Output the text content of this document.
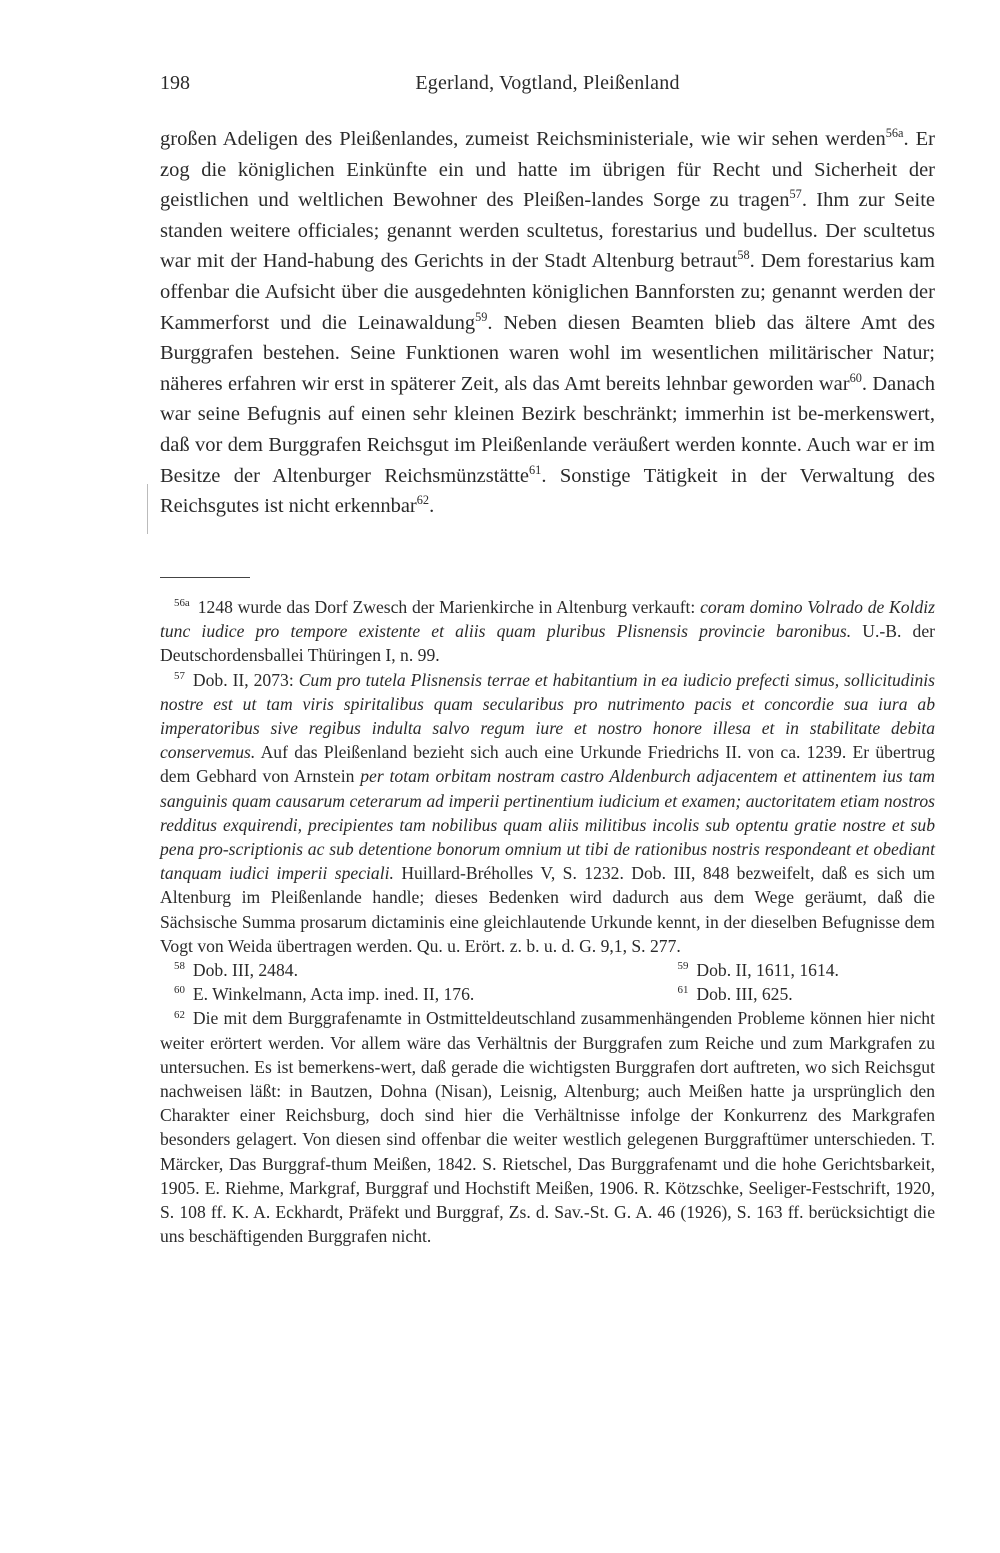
198	Egerland, Vogtland, Pleißenland

großen Adeligen des Pleißenlandes, zumeist Reichsministeriale, wie wir sehen werden$^{56a}$. Er zog die königlichen Einkünfte ein und hatte im übrigen für Recht und Sicherheit der geistlichen und weltlichen Bewohner des Pleißen-landes Sorge zu tragen$^{57}$. Ihm zur Seite standen weitere officiales; genannt werden scultetus, forestarius und budellus. Der scultetus war mit der Hand-habung des Gerichts in der Stadt Altenburg betraut$^{58}$. Dem forestarius kam offenbar die Aufsicht über die ausgedehnten königlichen Bannforsten zu; genannt werden der Kammerforst und die Leinawaldung$^{59}$. Neben diesen Beamten blieb das ältere Amt des Burggrafen bestehen. Seine Funktionen waren wohl im wesentlichen militärischer Natur; näheres erfahren wir erst in späterer Zeit, als das Amt bereits lehnbar geworden war$^{60}$. Danach war seine Befugnis auf einen sehr kleinen Bezirk beschränkt; immerhin ist be-merkenswert, daß vor dem Burggrafen Reichsgut im Pleißenlande veräußert werden konnte. Auch war er im Besitze der Altenburger Reichsmünzstätte$^{61}$. Sonstige Tätigkeit in der Verwaltung des Reichsgutes ist nicht erkennbar$^{62}$.

$^{56a}$ 1248 wurde das Dorf Zwesch der Marienkirche in Altenburg verkauft: coram domino Volrado de Koldiz tunc iudice pro tempore existente et aliis quam pluribus Plisnensis provincie baronibus. U.-B. der Deutschordensballei Thüringen I, n. 99.

$^{57}$ Dob. II, 2073: Cum pro tutela Plisnensis terrae et habitantium in ea iudicio prefecti simus, sollicitudinis nostre est ut tam viris spiritalibus quam secularibus pro nutrimento pacis et concordie sua iura ab imperatoribus sive regibus indulta salvo regum iure et nostro honore illesa et in stabilitate debita conservemus. Auf das Pleißenland bezieht sich auch eine Urkunde Friedrichs II. von ca. 1239. Er übertrug dem Gebhard von Arnstein per totam orbitam nostram castro Aldenburch adjacentem et attinentem ius tam sanguinis quam causarum ceterarum ad imperii pertinentium iudicium et examen; auctoritatem etiam nostros redditus exquirendi, precipientes tam nobilibus quam aliis militibus incolis sub optentu gratie nostre et sub pena pro-scriptionis ac sub detentione bonorum omnium ut tibi de rationibus nostris respondeant et obediant tanquam iudici imperii speciali. Huillard-Bréholles V, S. 1232. Dob. III, 848 bezweifelt, daß es sich um Altenburg im Pleißenlande handle; dieses Bedenken wird dadurch aus dem Wege geräumt, daß die Sächsische Summa prosarum dictaminis eine gleichlautende Urkunde kennt, in der dieselben Befugnisse dem Vogt von Weida übertragen werden. Qu. u. Erört. z. b. u. d. G. 9,1, S. 277.

$^{58}$ Dob. III, 2484.	$^{59}$ Dob. II, 1611, 1614.
$^{60}$ E. Winkelmann, Acta imp. ined. II, 176.	$^{61}$ Dob. III, 625.

$^{62}$ Die mit dem Burggrafenamte in Ostmitteldeutschland zusammenhängenden Probleme können hier nicht weiter erörtert werden. Vor allem wäre das Verhältnis der Burggrafen zum Reiche und zum Markgrafen zu untersuchen. Es ist bemerkens-wert, daß gerade die wichtigsten Burggrafen dort auftreten, wo sich Reichsgut nachweisen läßt: in Bautzen, Dohna (Nisan), Leisnig, Altenburg; auch Meißen hatte ja ursprünglich den Charakter einer Reichsburg, doch sind hier die Verhältnisse infolge der Konkurrenz des Markgrafen besonders gelagert. Von diesen sind offenbar die weiter westlich gelegenen Burggraftümer unterschieden. T. Märcker, Das Burggraf-thum Meißen, 1842. S. Rietschel, Das Burggrafenamt und die hohe Gerichtsbarkeit, 1905. E. Riehme, Markgraf, Burggraf und Hochstift Meißen, 1906. R. Kötzschke, Seeliger-Festschrift, 1920, S. 108 ff. K. A. Eckhardt, Präfekt und Burggraf, Zs. d. Sav.-St. G. A. 46 (1926), S. 163 ff. berücksichtigt die uns beschäftigenden Burggrafen nicht.
